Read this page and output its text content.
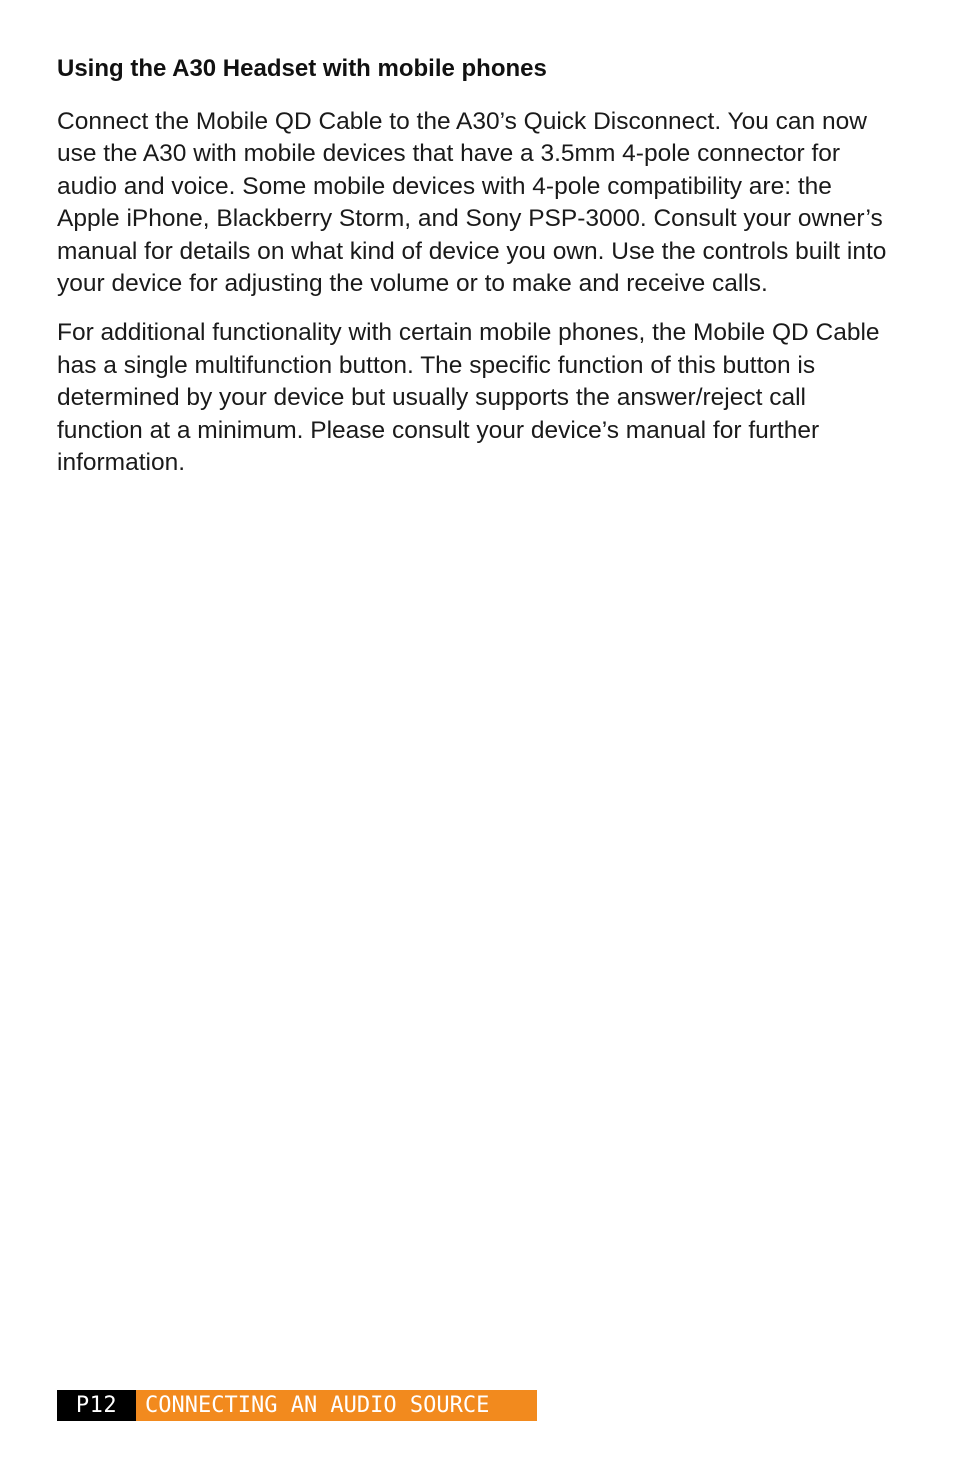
Using the A30 Headset with mobile phones

Connect the Mobile QD Cable to the A30’s Quick Disconnect. You can now use the A30 with mobile devices that have a 3.5mm 4-pole connector for audio and voice. Some mobile devices with 4-pole compatibility are: the Apple iPhone, Blackberry Storm, and Sony PSP-3000. Consult your owner’s manual for details on what kind of device you own. Use the controls built into your device for adjusting the volume or to make and receive calls.

For additional functionality with certain mobile phones, the Mobile QD Cable has a single multifunction button. The specific function of this button is determined by your device but usually supports the answer/reject call function at a minimum. Please consult your device’s manual for further information.

P12	CONNECTING AN AUDIO SOURCE
